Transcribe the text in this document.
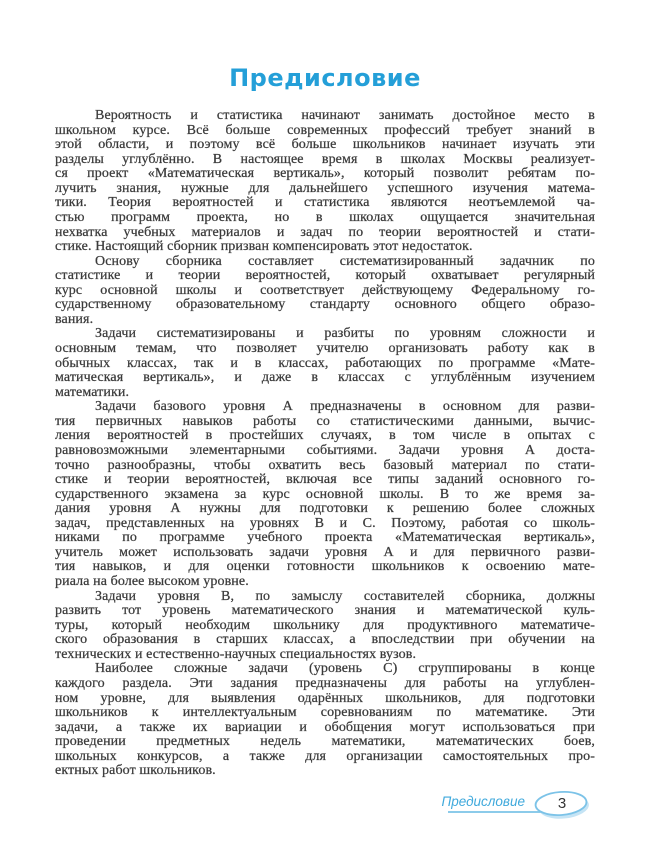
Предисловие
Вероятность и статистика начинают занимать достойное место в
школьном курсе. Всё больше современных профессий требует знаний в
этой области, и поэтому всё больше школьников начинает изучать эти
разделы углублённо. В настоящее время в школах Москвы реализует-
ся проект «Математическая вертикаль», который позволит ребятам по-
лучить знания, нужные для дальнейшего успешного изучения матема-
тики. Теория вероятностей и статистика являются неотъемлемой ча-
стью программ проекта, но в школах ощущается значительная
нехватка учебных материалов и задач по теории вероятностей и стати-
стике. Настоящий сборник призван компенсировать этот недостаток.
Основу сборника составляет систематизированный задачник по
статистике и теории вероятностей, который охватывает регулярный
курс основной школы и соответствует действующему Федеральному го-
сударственному образовательному стандарту основного общего образо-
вания.
Задачи систематизированы и разбиты по уровням сложности и
основным темам, что позволяет учителю организовать работу как в
обычных классах, так и в классах, работающих по программе «Мате-
матическая вертикаль», и даже в классах с углублённым изучением
математики.
Задачи базового уровня А предназначены в основном для разви-
тия первичных навыков работы со статистическими данными, вычис-
ления вероятностей в простейших случаях, в том числе в опытах с
равновозможными элементарными событиями. Задачи уровня А доста-
точно разнообразны, чтобы охватить весь базовый материал по стати-
стике и теории вероятностей, включая все типы заданий основного го-
сударственного экзамена за курс основной школы. В то же время за-
дания уровня А нужны для подготовки к решению более сложных
задач, представленных на уровнях В и С. Поэтому, работая со школь-
никами по программе учебного проекта «Математическая вертикаль»,
учитель может использовать задачи уровня А и для первичного разви-
тия навыков, и для оценки готовности школьников к освоению мате-
риала на более высоком уровне.
Задачи уровня В, по замыслу составителей сборника, должны
развить тот уровень математического знания и математической куль-
туры, который необходим школьнику для продуктивного математиче-
ского образования в старших классах, а впоследствии при обучении на
технических и естественно-научных специальностях вузов.
Наиболее сложные задачи (уровень С) сгруппированы в конце
каждого раздела. Эти задания предназначены для работы на углублен-
ном уровне, для выявления одарённых школьников, для подготовки
школьников к интеллектуальным соревнованиям по математике. Эти
задачи, а также их вариации и обобщения могут использоваться при
проведении предметных недель математики, математических боев,
школьных конкурсов, а также для организации самостоятельных про-
ектных работ школьников.
Предисловие	3
